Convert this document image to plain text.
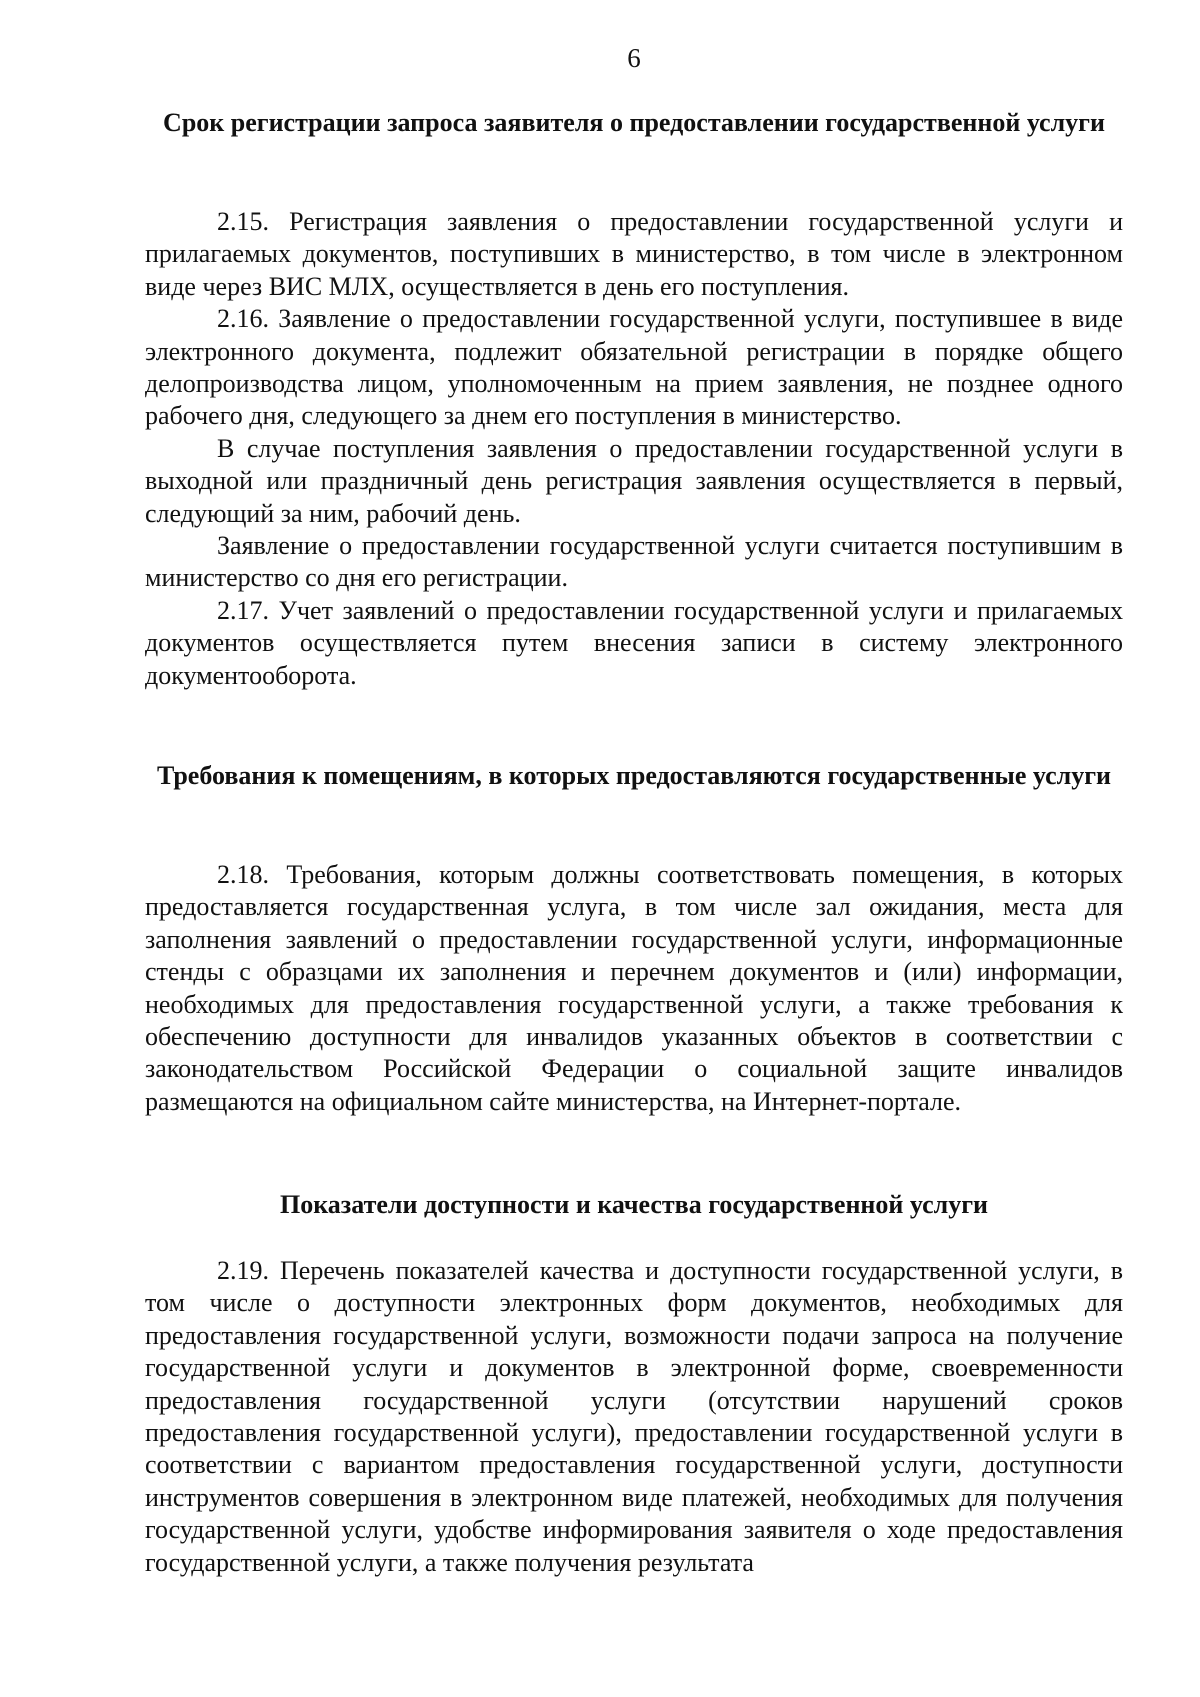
6
Срок регистрации запроса заявителя о предоставлении государственной услуги

2.15. Регистрация заявления о предоставлении государственной услуги и прилагаемых документов, поступивших в министерство, в том числе в электронном виде через ВИС МЛХ, осуществляется в день его поступления.

2.16. Заявление о предоставлении государственной услуги, поступившее в виде электронного документа, подлежит обязательной регистрации в порядке общего делопроизводства лицом, уполномоченным на прием заявления, не позднее одного рабочего дня, следующего за днем его поступления в министерство.

В случае поступления заявления о предоставлении государственной услуги в выходной или праздничный день регистрация заявления осуществляется в первый, следующий за ним, рабочий день.

Заявление о предоставлении государственной услуги считается поступившим в министерство со дня его регистрации.

2.17. Учет заявлений о предоставлении государственной услуги и прилагаемых документов осуществляется путем внесения записи в систему электронного документооборота.

Требования к помещениям, в которых предоставляются государственные услуги

2.18. Требования, которым должны соответствовать помещения, в которых предоставляется государственная услуга, в том числе зал ожидания, места для заполнения заявлений о предоставлении государственной услуги, информационные стенды с образцами их заполнения и перечнем документов и (или) информации, необходимых для предоставления государственной услуги, а также требования к обеспечению доступности для инвалидов указанных объектов в соответствии с законодательством Российской Федерации о социальной защите инвалидов размещаются на официальном сайте министерства, на Интернет-портале.

Показатели доступности и качества государственной услуги

2.19. Перечень показателей качества и доступности государственной услуги, в том числе о доступности электронных форм документов, необходимых для предоставления государственной услуги, возможности подачи запроса на получение государственной услуги и документов в электронной форме, своевременности предоставления государственной услуги (отсутствии нарушений сроков предоставления государственной услуги), предоставлении государственной услуги в соответствии с вариантом предоставления государственной услуги, доступности инструментов совершения в электронном виде платежей, необходимых для получения государственной услуги, удобстве информирования заявителя о ходе предоставления государственной услуги, а также получения результата
